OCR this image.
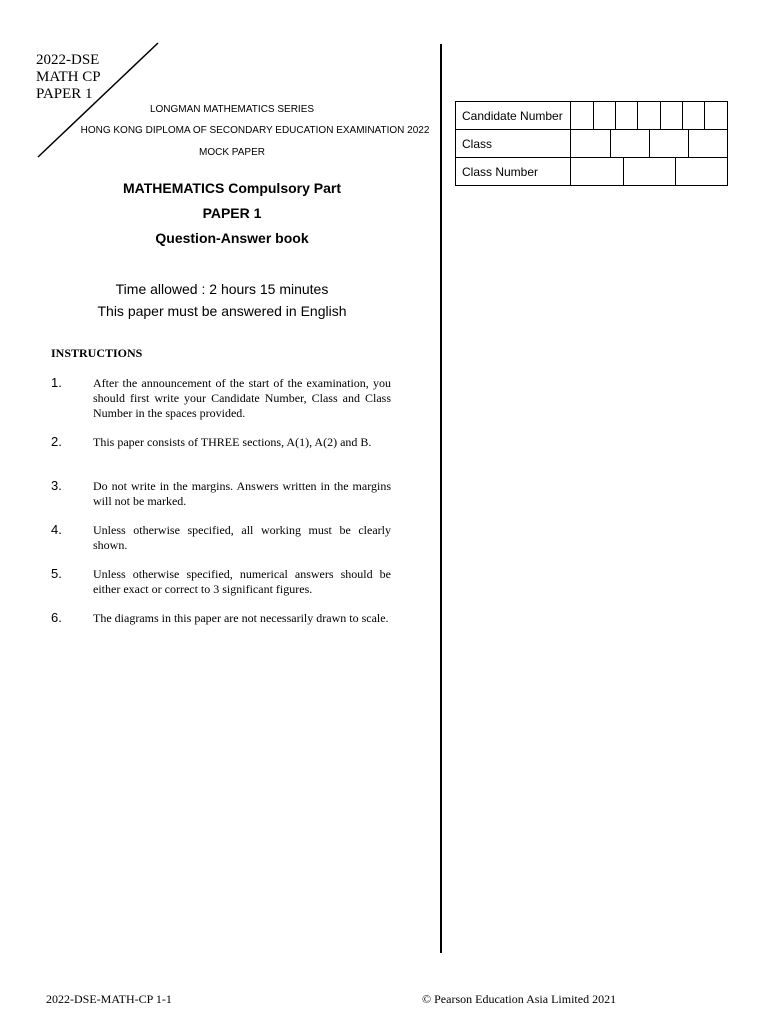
2022-DSE
MATH CP
PAPER 1
LONGMAN MATHEMATICS SERIES
HONG KONG DIPLOMA OF SECONDARY EDUCATION EXAMINATION 2022
MOCK PAPER
MATHEMATICS Compulsory Part
PAPER 1
Question-Answer book
Time allowed : 2 hours 15 minutes
This paper must be answered in English
INSTRUCTIONS
1.	After the announcement of the start of the examination, you should first write your Candidate Number, Class and Class Number in the spaces provided.
2.	This paper consists of THREE sections, A(1), A(2) and B.
3.	Do not write in the margins. Answers written in the margins will not be marked.
4.	Unless otherwise specified, all working must be clearly shown.
5.	Unless otherwise specified, numerical answers should be either exact or correct to 3 significant figures.
6.	The diagrams in this paper are not necessarily drawn to scale.
Candidate Number	

Class	

Class Number	

2022-DSE-MATH-CP 1-1	© Pearson Education Asia Limited 2021
